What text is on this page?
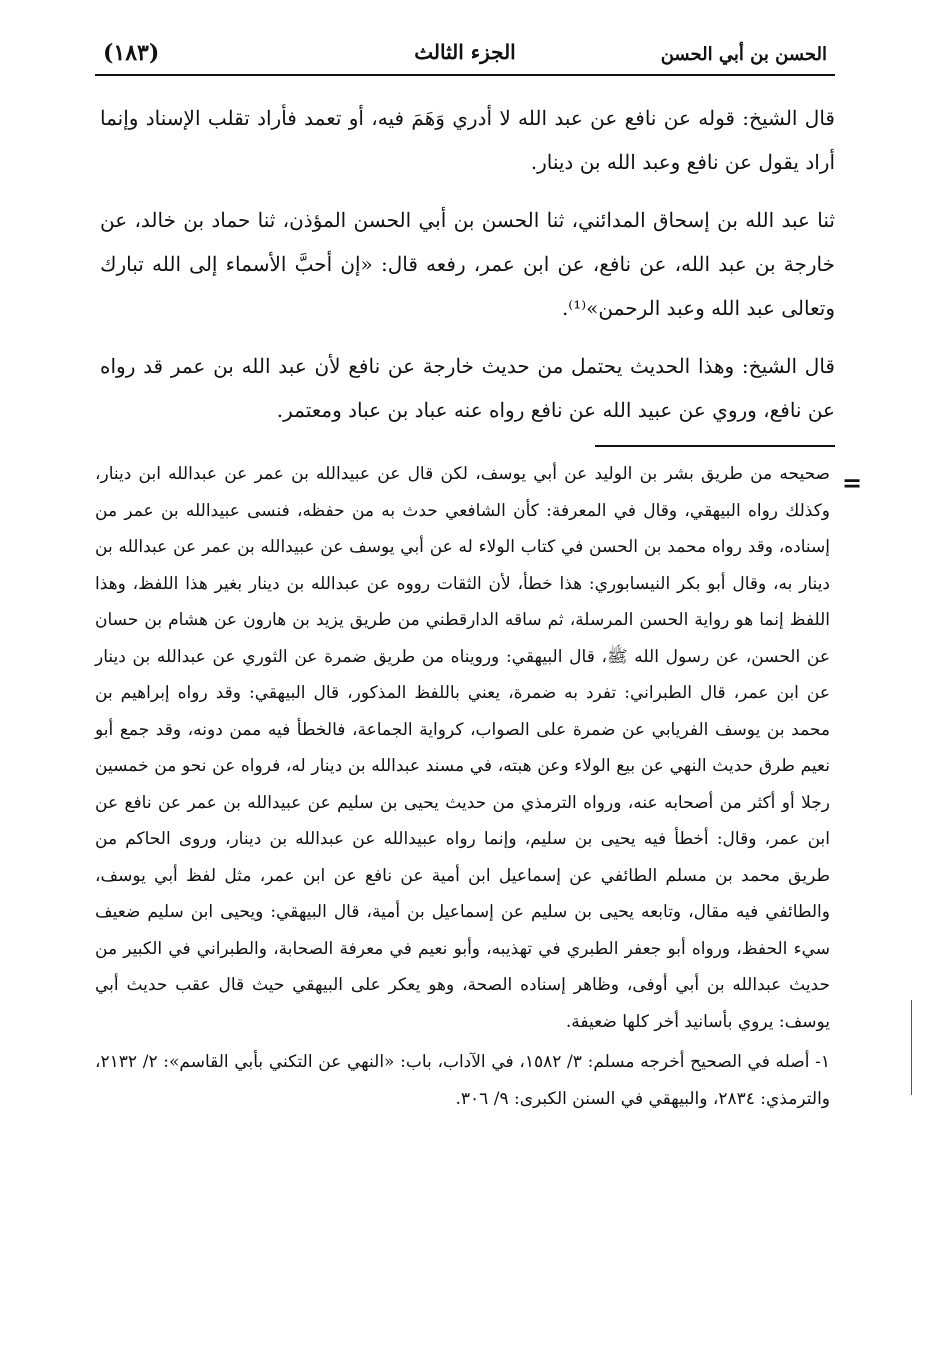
(١٨٣)	الجزء الثالث	الحسن بن أبي الحسن

قال الشيخ: قوله عن نافع عن عبد الله لا أدري وَهَمَ فيه، أو تعمد فأراد تقلب الإسناد وإنما أراد يقول عن نافع وعبد الله بن دينار.

ثنا عبد الله بن إسحاق المدائني، ثنا الحسن بن أبي الحسن المؤذن، ثنا حماد بن خالد، عن خارجة بن عبد الله، عن نافع، عن ابن عمر، رفعه قال: «إن أحبَّ الأسماء إلى الله تبارك وتعالى عبد الله وعبد الرحمن»⁽¹⁾.

قال الشيخ: وهذا الحديث يحتمل من حديث خارجة عن نافع لأن عبد الله بن عمر قد رواه عن نافع، وروي عن عبيد الله عن نافع رواه عنه عباد بن عباد ومعتمر.

=

صحيحه من طريق بشر بن الوليد عن أبي يوسف، لكن قال عن عبيدالله بن عمر عن عبدالله ابن دينار، وكذلك رواه البيهقي، وقال في المعرفة: كأن الشافعي حدث به من حفظه، فنسى عبيدالله بن عمر من إسناده، وقد رواه محمد بن الحسن في كتاب الولاء له عن أبي يوسف عن عبيدالله بن عمر عن عبدالله بن دينار به، وقال أبو بكر النيسابوري: هذا خطأ، لأن الثقات رووه عن عبدالله بن دينار بغير هذا اللفظ، وهذا اللفظ إنما هو رواية الحسن المرسلة، ثم ساقه الدارقطني من طريق يزيد بن هارون عن هشام بن حسان عن الحسن، عن رسول الله ﷺ، قال البيهقي: ورويناه من طريق ضمرة عن الثوري عن عبدالله بن دينار عن ابن عمر، قال الطبراني: تفرد به ضمرة، يعني باللفظ المذكور، قال البيهقي: وقد رواه إبراهيم بن محمد بن يوسف الفريابي عن ضمرة على الصواب، كرواية الجماعة، فالخطأ فيه ممن دونه، وقد جمع أبو نعيم طرق حديث النهي عن بيع الولاء وعن هبته، في مسند عبدالله بن دينار له، فرواه عن نحو من خمسين رجلا أو أكثر من أصحابه عنه، ورواه الترمذي من حديث يحيى بن سليم عن عبيدالله بن عمر عن نافع عن ابن عمر، وقال: أخطأ فيه يحيى بن سليم، وإنما رواه عبيدالله عن عبدالله بن دينار، وروى الحاكم من طريق محمد بن مسلم الطائفي عن إسماعيل ابن أمية عن نافع عن ابن عمر، مثل لفظ أبي يوسف، والطائفي فيه مقال، وتابعه يحيى بن سليم عن إسماعيل بن أمية، قال البيهقي: ويحيى ابن سليم ضعيف سيء الحفظ، ورواه أبو جعفر الطبري في تهذيبه، وأبو نعيم في معرفة الصحابة، والطبراني في الكبير من حديث عبدالله بن أبي أوفى، وظاهر إسناده الصحة، وهو يعكر على البيهقي حيث قال عقب حديث أبي يوسف: يروي بأسانيد أخر كلها ضعيفة.

١- أصله في الصحيح أخرجه مسلم: ٣/ ١٥٨٢، في الآداب، باب: «النهي عن التكني بأبي القاسم»: ٢/ ٢١٣٢، والترمذي: ٢٨٣٤، والبيهقي في السنن الكبرى: ٩/ ٣٠٦.
